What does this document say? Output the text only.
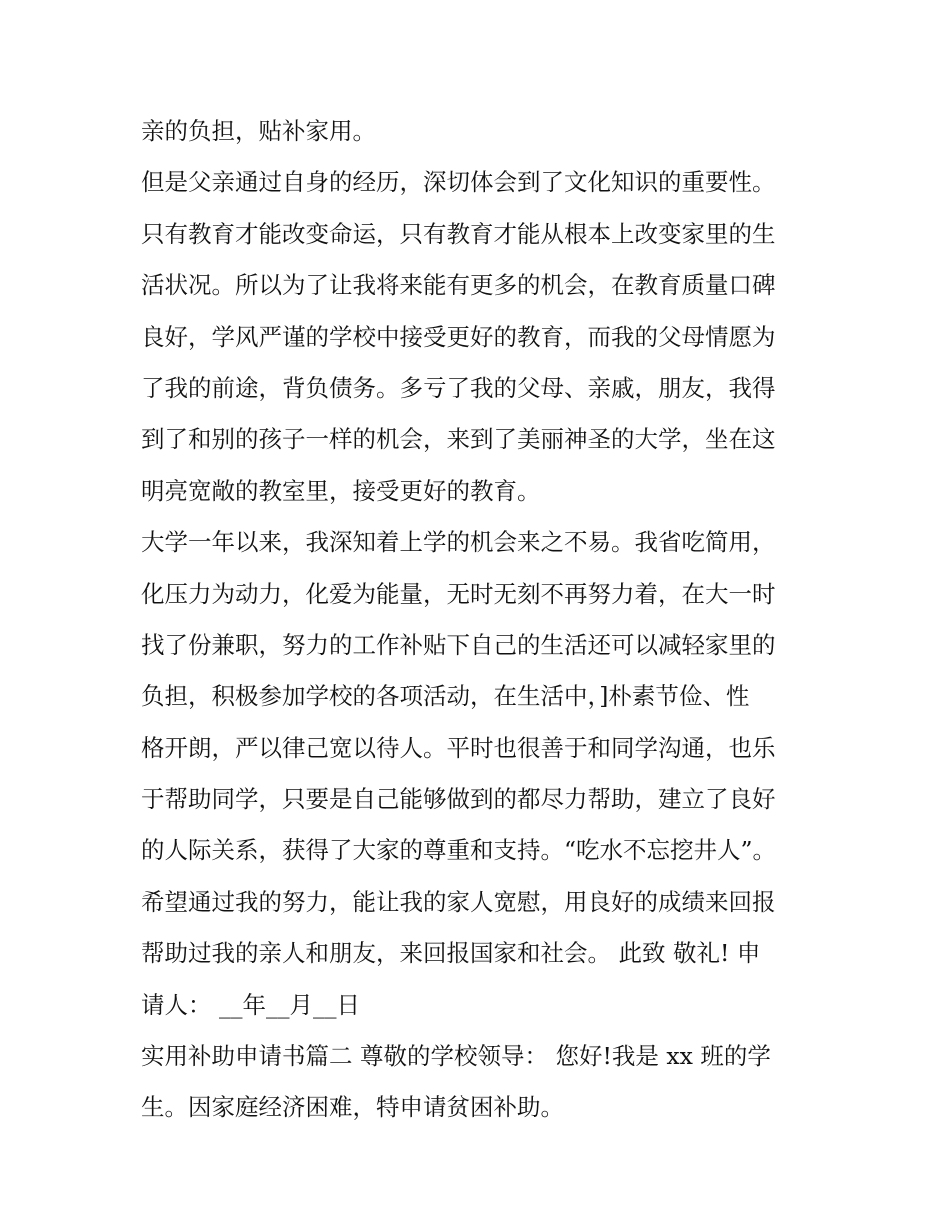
亲的负担，贴补家用。
但是父亲通过自身的经历，深切体会到了文化知识的重要性。
只有教育才能改变命运，只有教育才能从根本上改变家里的生
活状况。所以为了让我将来能有更多的机会，在教育质量口碑
良好，学风严谨的学校中接受更好的教育，而我的父母情愿为
了我的前途，背负债务。多亏了我的父母、亲戚，朋友，我得
到了和别的孩子一样的机会，来到了美丽神圣的大学，坐在这
明亮宽敞的教室里，接受更好的教育。
大学一年以来，我深知着上学的机会来之不易。我省吃简用，
化压力为动力，化爱为能量，无时无刻不再努力着，在大一时
找了份兼职，努力的工作补贴下自己的生活还可以减轻家里的
负担，积极参加学校的各项活动，在生活中，]朴素节俭、性
格开朗，严以律己宽以待人。平时也很善于和同学沟通，也乐
于帮助同学，只要是自己能够做到的都尽力帮助，建立了良好
的人际关系，获得了大家的尊重和支持。“吃水不忘挖井人”。
希望通过我的努力，能让我的家人宽慰，用良好的成绩来回报
帮助过我的亲人和朋友，来回报国家和社会。 此致 敬礼! 申
请人： __年__月__日
实用补助申请书篇二 尊敬的学校领导： 您好!我是 xx 班的学
生。因家庭经济困难，特申请贫困补助。
